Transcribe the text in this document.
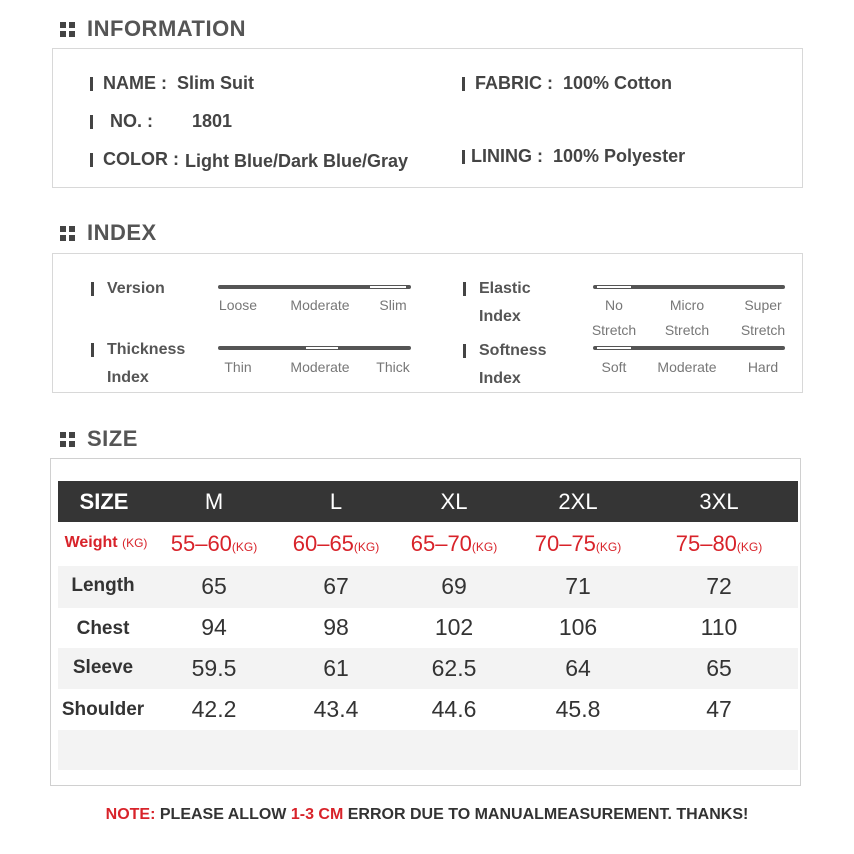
INFORMATION
NAME : Slim Suit	FABRIC : 100% Cotton
NO. :	1801
COLOR : Light Blue/Dark Blue/Gray	LINING : 100% Polyester
INDEX
Version
Loose Moderate Slim
Elastic
Index
No	Micro	Super
Stretch Stretch Stretch
Thickness
Index
Thin	Moderate Thick
Softness
Index
Soft Moderate Hard
SIZE
SIZE	M	L	XL	2XL	3XL
Weight (KG) 55–60(KG) 60–65(KG) 65–70(KG) 70–75(KG) 75–80(KG)
Length	65	67	69	71	72
Chest	94	98	102	106	110
Sleeve	59.5	61	62.5	64	65
Shoulder 42.2	43.4	44.6	45.8	47
NOTE: PLEASE ALLOW 1-3 CM ERROR DUE TO MANUALMEASUREMENT. THANKS!
